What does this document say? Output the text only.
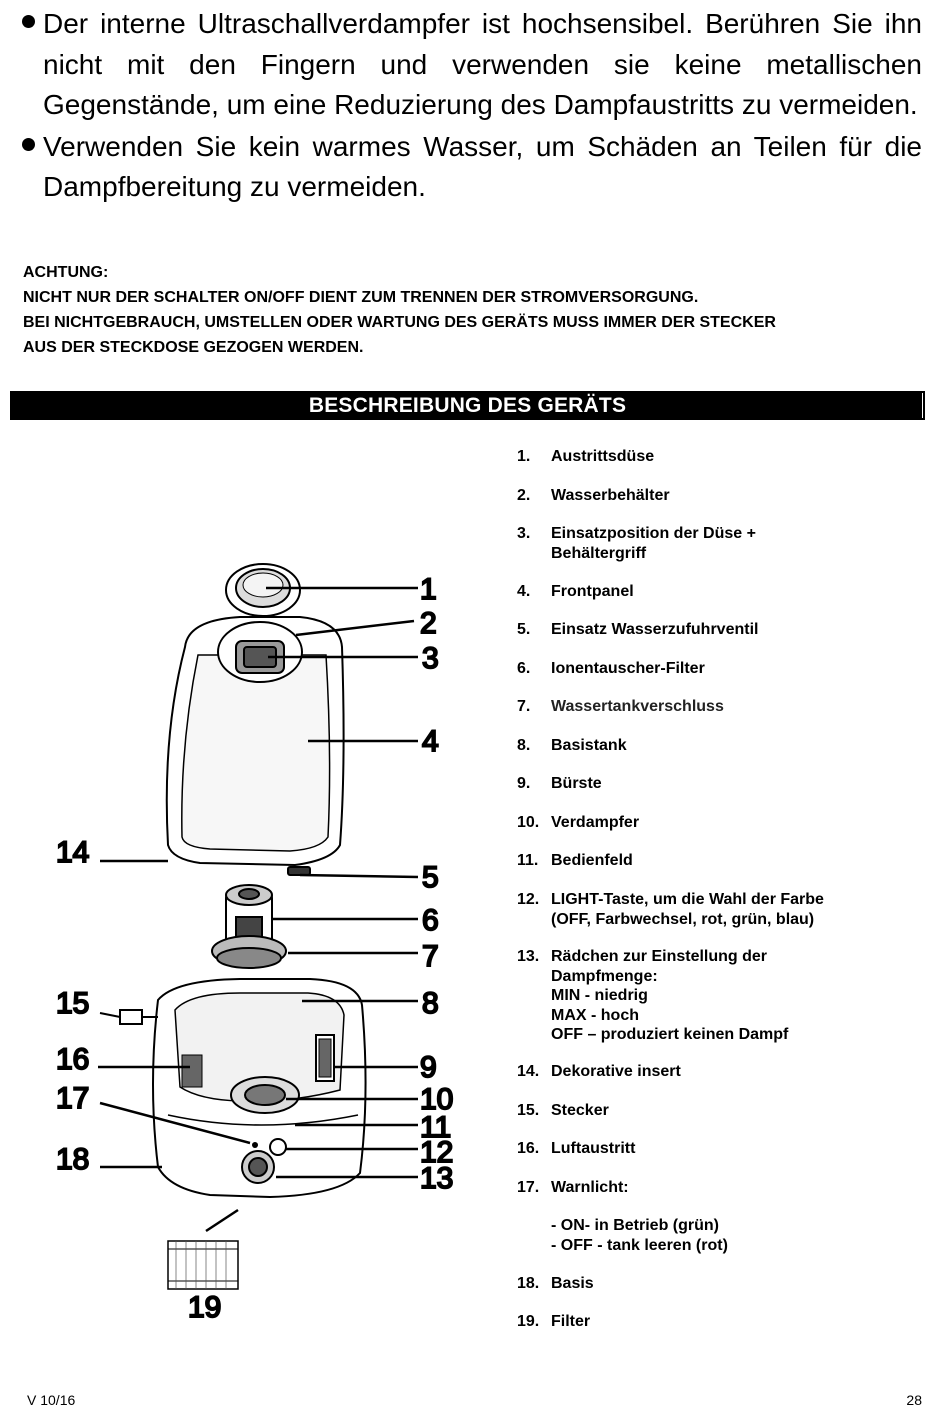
Der interne Ultraschallverdampfer ist hochsensibel. Berühren Sie ihn nicht mit den Fingern und verwenden sie keine metallischen Gegenstände, um eine Reduzierung des Dampfaustritts zu vermeiden.
Verwenden Sie kein warmes Wasser, um Schäden an Teilen für die Dampfbereitung zu vermeiden.
ACHTUNG:
NICHT NUR DER SCHALTER ON/OFF DIENT ZUM TRENNEN DER STROMVERSORGUNG.
BEI NICHTGEBRAUCH, UMSTELLEN ODER WARTUNG DES GERÄTS MUSS IMMER DER STECKER
AUS DER STECKDOSE GEZOGEN WERDEN.
BESCHREIBUNG DES GERÄTS
1
2
3
4
5
6
7
8
9
10
11
12
13
14
15
16
17
18
19
1.	Austrittsdüse
2.	Wasserbehälter
3.	Einsatzposition der Düse +
Behältergriff
4.	Frontpanel
5.	Einsatz Wasserzufuhrventil
6.	Ionentauscher-Filter
7.	Wassertankverschluss
8.	Basistank
9.	Bürste
10. Verdampfer
11. Bedienfeld
12. LIGHT-Taste, um die Wahl der Farbe
(OFF, Farbwechsel, rot, grün, blau)
13. Rädchen zur Einstellung der
Dampfmenge:
MIN - niedrig
MAX - hoch
OFF – produziert keinen Dampf
14. Dekorative insert
15. Stecker
16. Luftaustritt
17. Warnlicht:
- ON- in Betrieb (grün)
- OFF - tank leeren (rot)
18. Basis
19. Filter
V 10/16	28
